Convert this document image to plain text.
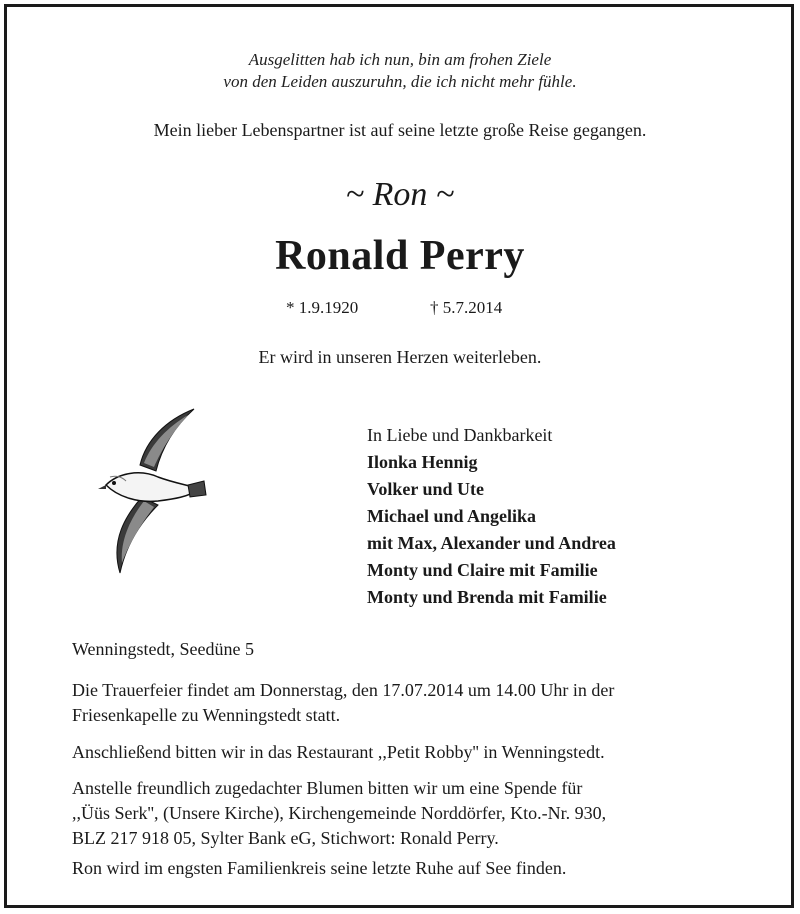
Ausgelitten hab ich nun, bin am frohen Ziele
von den Leiden auszuruhn, die ich nicht mehr fühle.
Mein lieber Lebenspartner ist auf seine letzte große Reise gegangen.
~ Ron ~
Ronald Perry
* 1.9.1920	† 5.7.2014
Er wird in unseren Herzen weiterleben.
In Liebe und Dankbarkeit
Ilonka Hennig
Volker und Ute
Michael und Angelika
mit Max, Alexander und Andrea
Monty und Claire mit Familie
Monty und Brenda mit Familie
Wenningstedt, Seedüne 5

Die Trauerfeier findet am Donnerstag, den 17.07.2014 um 14.00 Uhr in der

Friesenkapelle zu Wenningstedt statt.

Anschließend bitten wir in das Restaurant ,,Petit Robby'' in Wenningstedt.

Anstelle freundlich zugedachter Blumen bitten wir um eine Spende für

,,Üüs Serk'', (Unsere Kirche), Kirchengemeinde Norddörfer, Kto.-Nr. 930,

BLZ 217 918 05, Sylter Bank eG, Stichwort: Ronald Perry.

Ron wird im engsten Familienkreis seine letzte Ruhe auf See finden.
